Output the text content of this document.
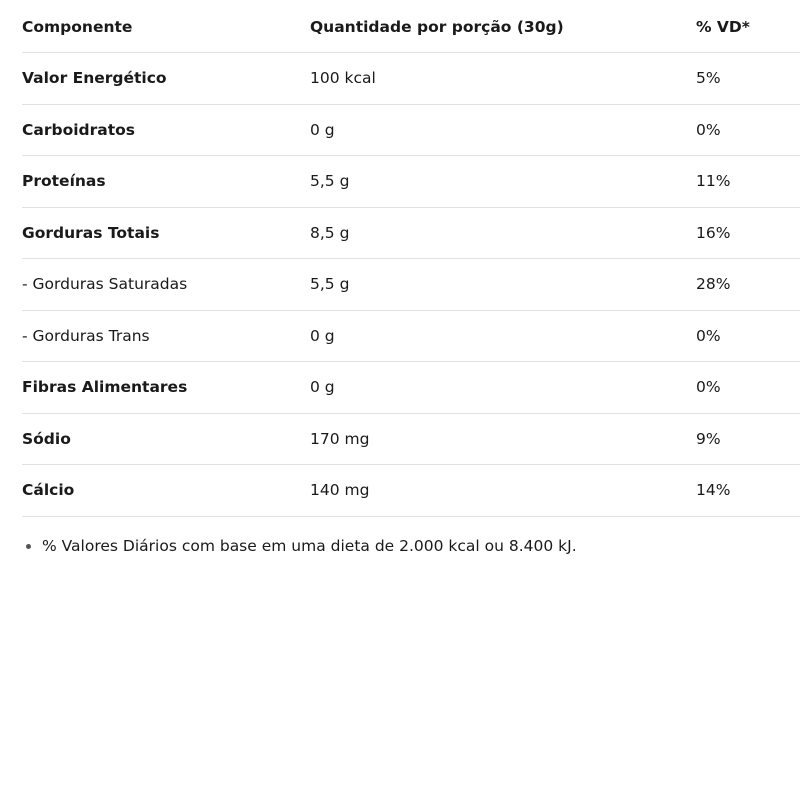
Componente	Quantidade por porção (30g)	% VD*
Valor Energético	100 kcal	5%
Carboidratos	0 g	0%
Proteínas	5,5 g	11%
Gorduras Totais	8,5 g	16%
- Gorduras Saturadas	5,5 g	28%
- Gorduras Trans	0 g	0%
Fibras Alimentares	0 g	0%
Sódio	170 mg	9%
Cálcio	140 mg	14%
% Valores Diários com base em uma dieta de 2.000 kcal ou 8.400 kJ.
